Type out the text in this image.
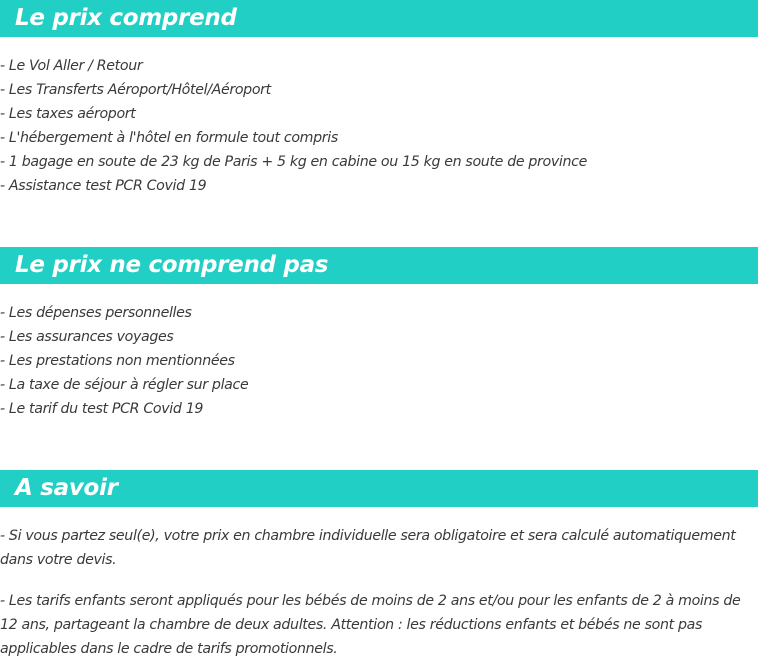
Le prix comprend
- Le Vol Aller / Retour
- Les Transferts Aéroport/Hôtel/Aéroport
- Les taxes aéroport
- L'hébergement à l'hôtel en formule tout compris
- 1 bagage en soute de 23 kg de Paris + 5 kg en cabine ou 15 kg en soute de province
- Assistance test PCR Covid 19
Le prix ne comprend pas
- Les dépenses personnelles
- Les assurances voyages
- Les prestations non mentionnées
- La taxe de séjour à régler sur place
- Le tarif du test PCR Covid 19
A savoir

- Si vous partez seul(e), votre prix en chambre individuelle sera obligatoire et sera calculé automatiquement dans votre devis.

- Les tarifs enfants seront appliqués pour les bébés de moins de 2 ans et/ou pour les enfants de 2 à moins de 12 ans, partageant la chambre de deux adultes. Attention : les réductions enfants et bébés ne sont pas applicables dans le cadre de tarifs promotionnels.
